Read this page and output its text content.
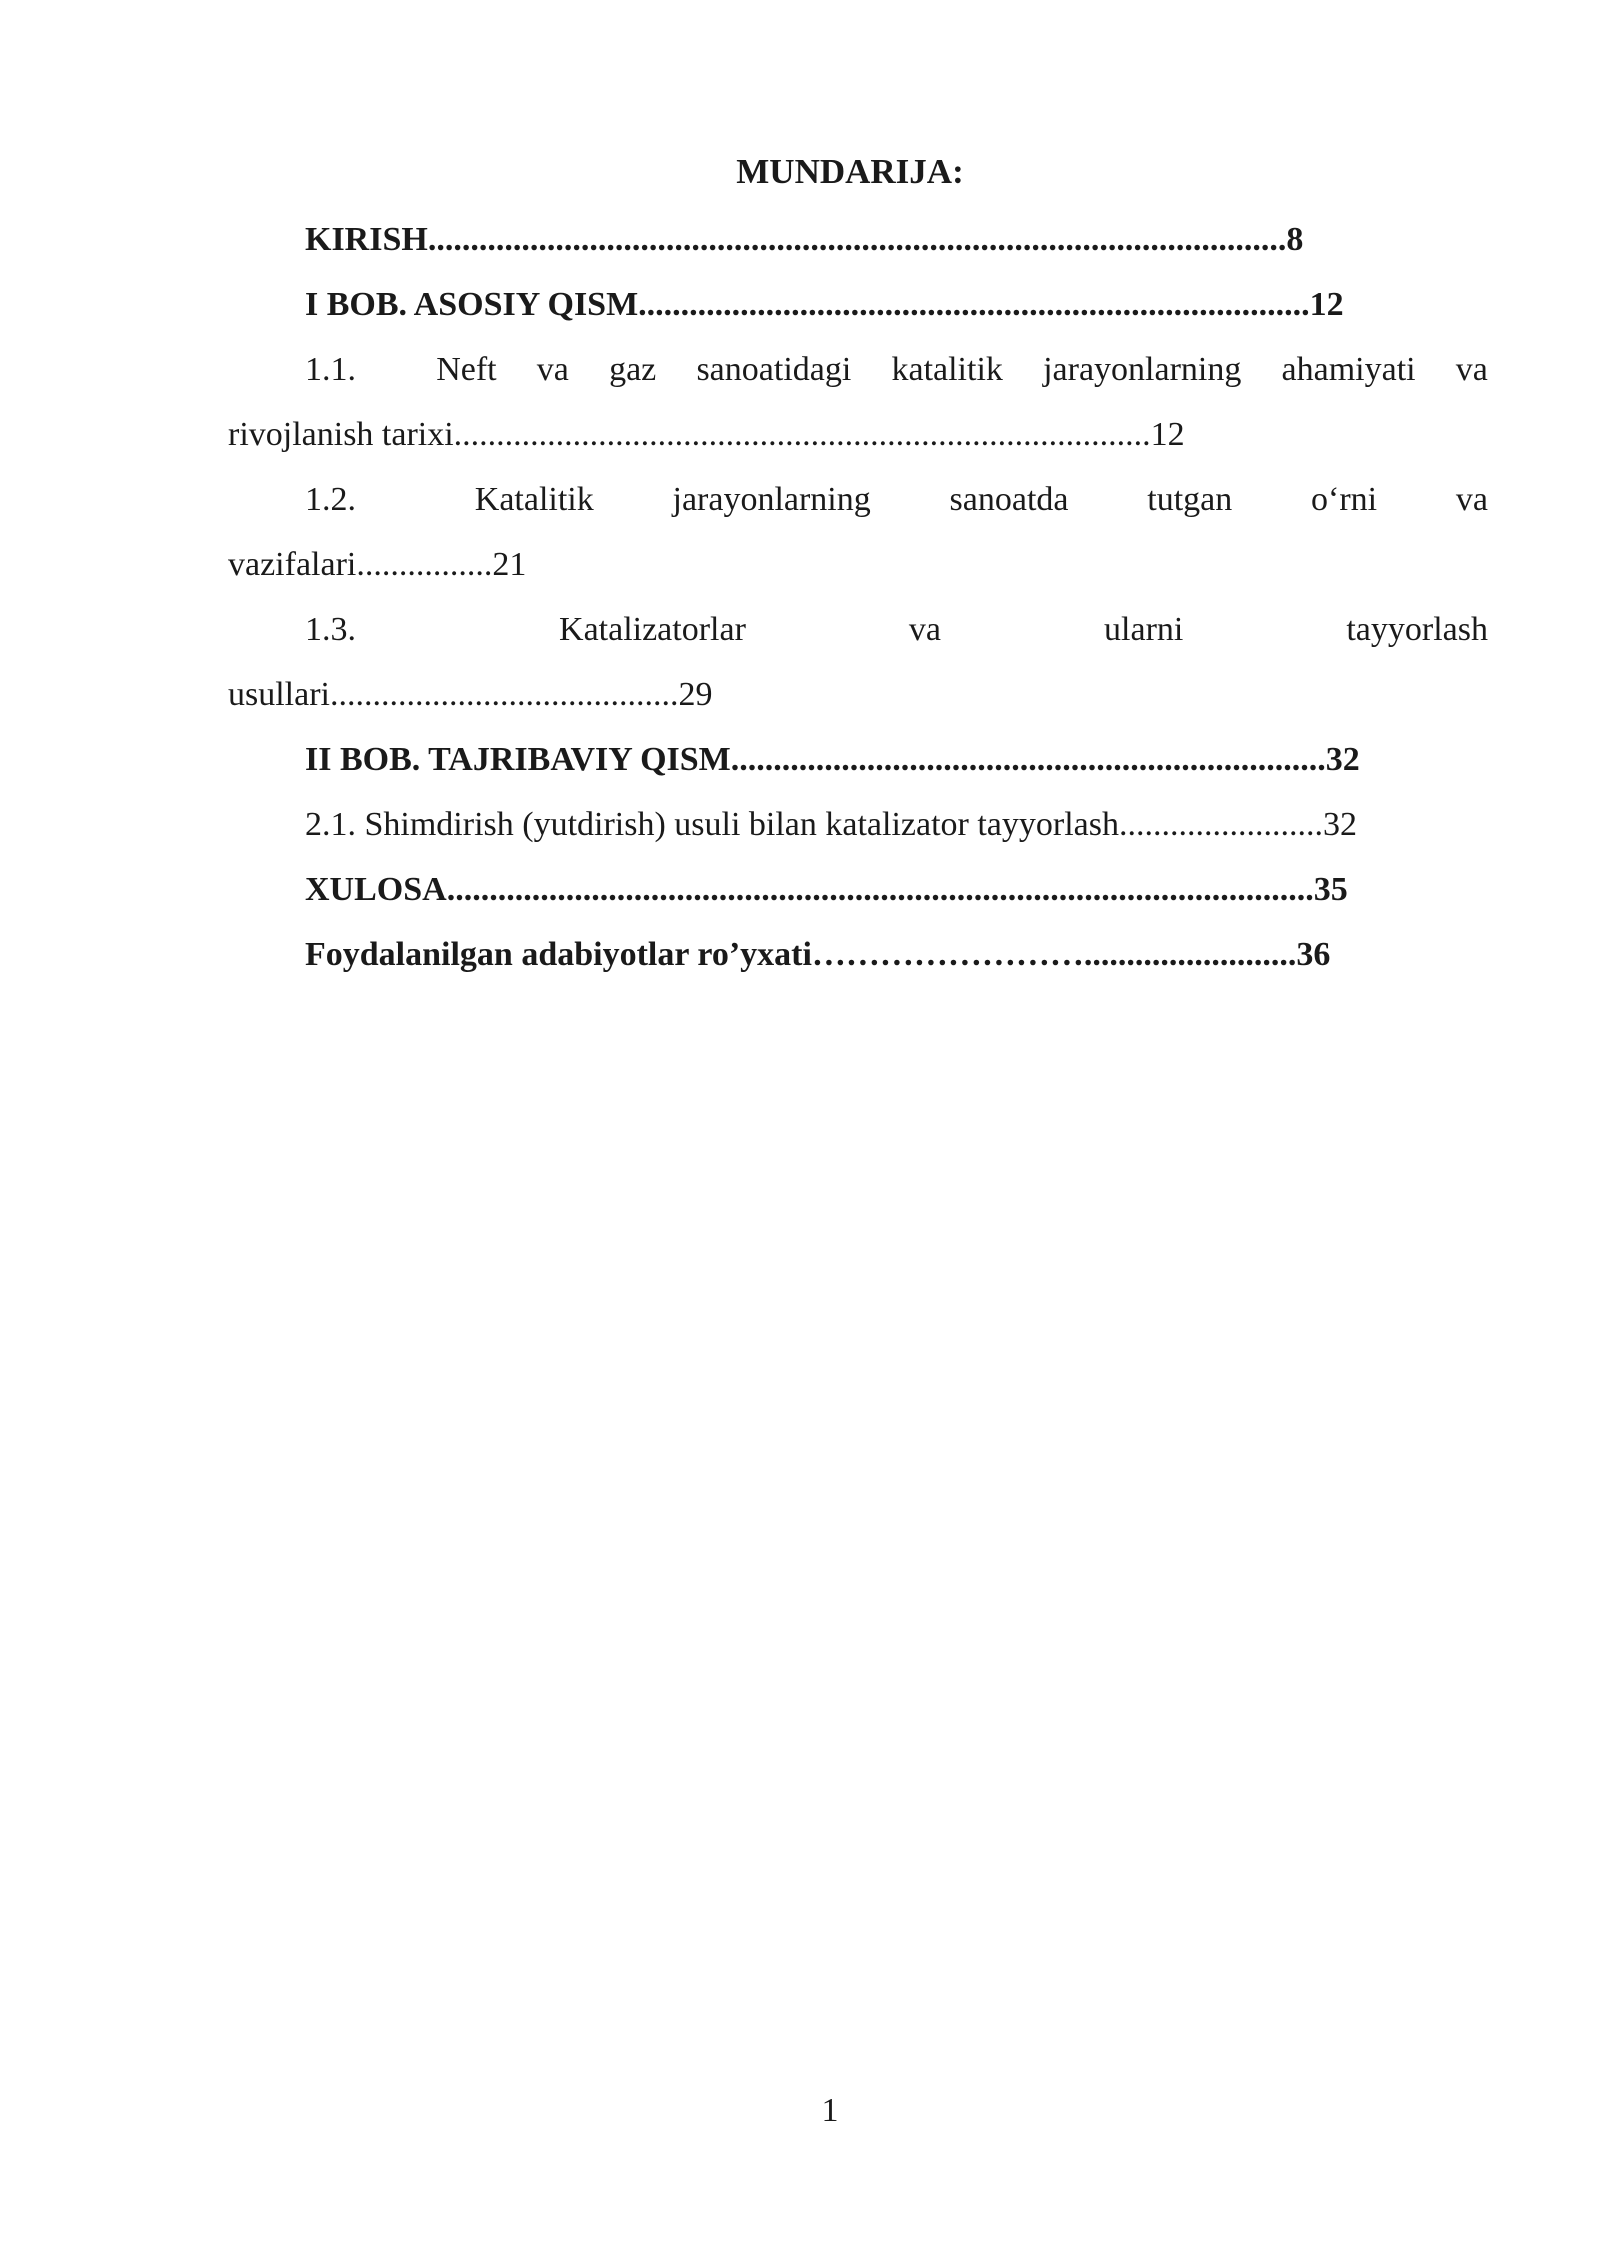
MUNDARIJA:
KIRISH.....................................................................................................8
I BOB. ASOSIY QISM...............................................................................12
1.1. Neft va gaz sanoatidagi katalitik jarayonlarning ahamiyati va
rivojlanish tarixi..................................................................................12
1.2.	Katalitik jarayonlarning sanoatda tutgan o‘rni va
vazifalari................21
1.3.	Katalizatorlar	va	ularni	tayyorlash
usullari.........................................29
II BOB. TAJRIBAVIY QISM......................................................................32
2.1. Shimdirish (yutdirish) usuli bilan katalizator tayyorlash........................32
XULOSA......................................................................................................35
Foydalanilgan adabiyotlar ro’yxati…………………….........................36
1
